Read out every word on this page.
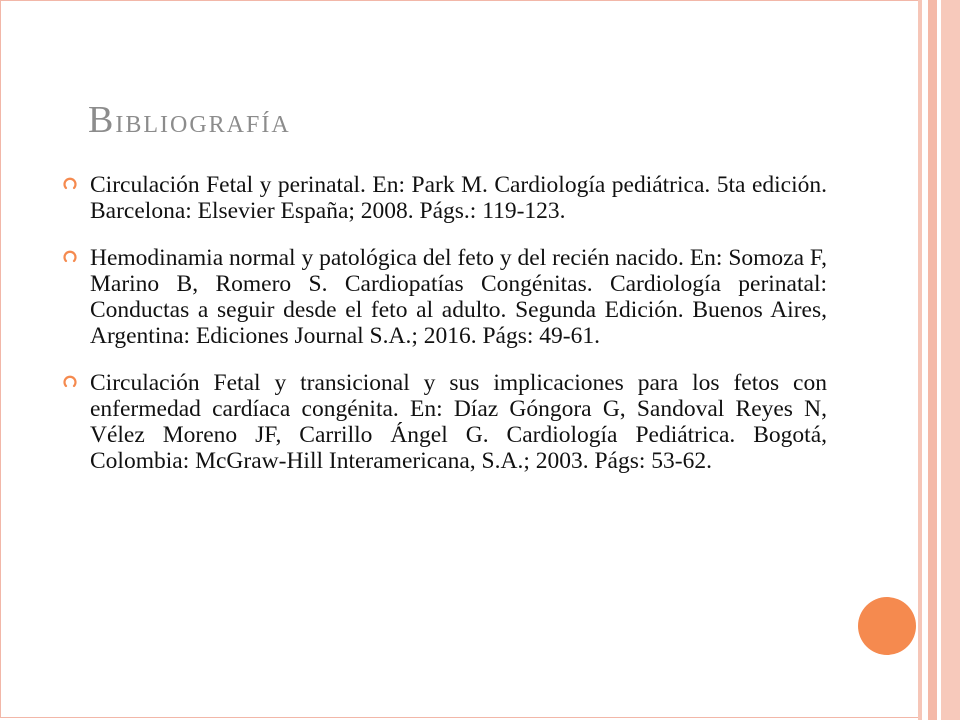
Bibliografía
Circulación Fetal y perinatal. En: Park M. Cardiología pediátrica. 5ta edición. Barcelona: Elsevier España; 2008. Págs.: 119-123.
Hemodinamia normal y patológica del feto y del recién nacido. En: Somoza F, Marino B, Romero S. Cardiopatías Congénitas. Cardiología perinatal: Conductas a seguir desde el feto al adulto. Segunda Edición. Buenos Aires, Argentina: Ediciones Journal S.A.; 2016. Págs: 49-61.
Circulación Fetal y transicional y sus implicaciones para los fetos con enfermedad cardíaca congénita. En: Díaz Góngora G, Sandoval Reyes N, Vélez Moreno JF, Carrillo Ángel G. Cardiología Pediátrica. Bogotá, Colombia: McGraw-Hill Interamericana, S.A.; 2003. Págs: 53-62.
